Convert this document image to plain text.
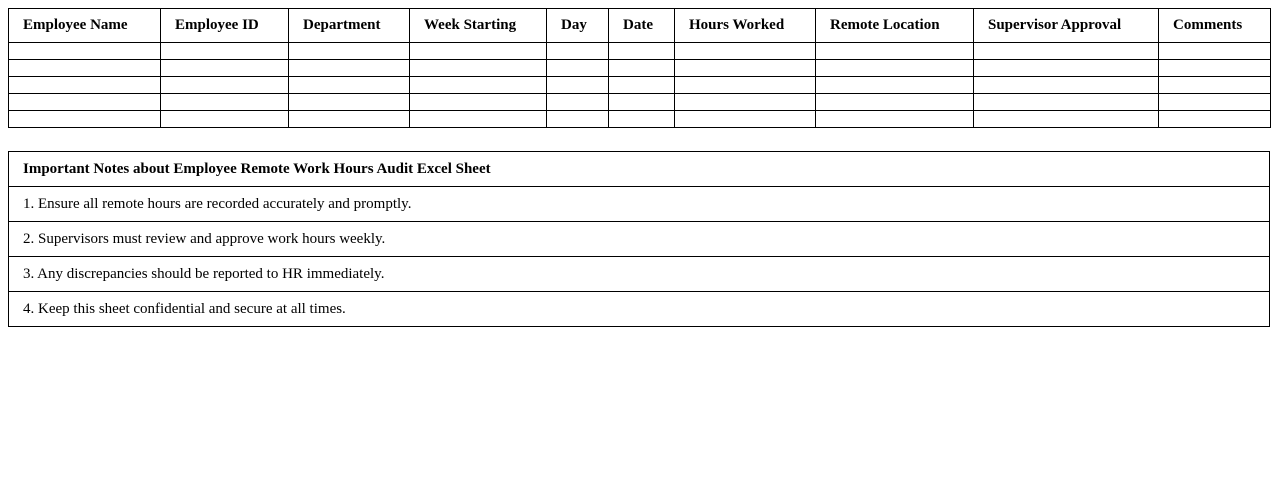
Employee Name	Employee ID	Department	Week Starting	Day	Date	Hours Worked	Remote Location	Supervisor Approval	Comments

Important Notes about Employee Remote Work Hours Audit Excel Sheet
1. Ensure all remote hours are recorded accurately and promptly.
2. Supervisors must review and approve work hours weekly.
3. Any discrepancies should be reported to HR immediately.
4. Keep this sheet confidential and secure at all times.
